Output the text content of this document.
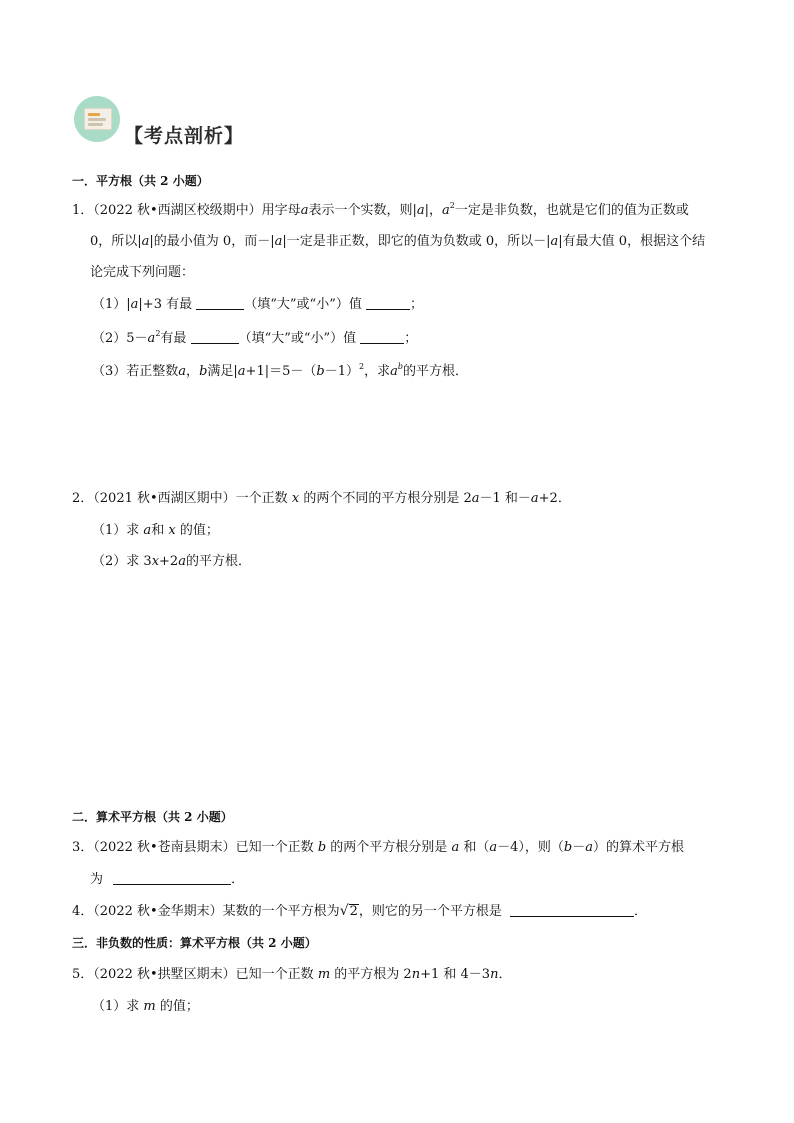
【考点剖析】
一．平方根（共 2 小题）
1．（2022 秋•西湖区校级期中）用字母a表示一个实数，则|a|，$a^2$一定是非负数，也就是它们的值为正数或
0，所以|a|的最小值为 0，而－|a|一定是非正数，即它的值为负数或 0，所以－|a|有最大值 0，根据这个结
论完成下列问题：
（1）|a|+3 有最	（填“大”或“小”）值	；
$(2)5-a^2$有最	（填“大”或“小”）值	；
（3）若正整数a，b满足$|a+1|=5-(b-1)^2$，求$a^b$的平方根．
2．（2021 秋•西湖区期中）一个正数 x 的两个不同的平方根分别是 2a－1 和－a+2．
（1）求 a和 x 的值；
（2）求 3x+2a的平方根．
二．算术平方根（共 2 小题）
3．（2022 秋•苍南县期末）已知一个正数 b 的两个平方根分别是 a 和（a－4），则（b－a）的算术平方根
为	．
4．（2022 秋•金华期末）某数的一个平方根为√2，则它的另一个平方根是	．
三．非负数的性质：算术平方根（共 2 小题）
5．（2022 秋•拱墅区期末）已知一个正数 m 的平方根为 2n+1 和 4－3n．
（1）求 m 的值；
